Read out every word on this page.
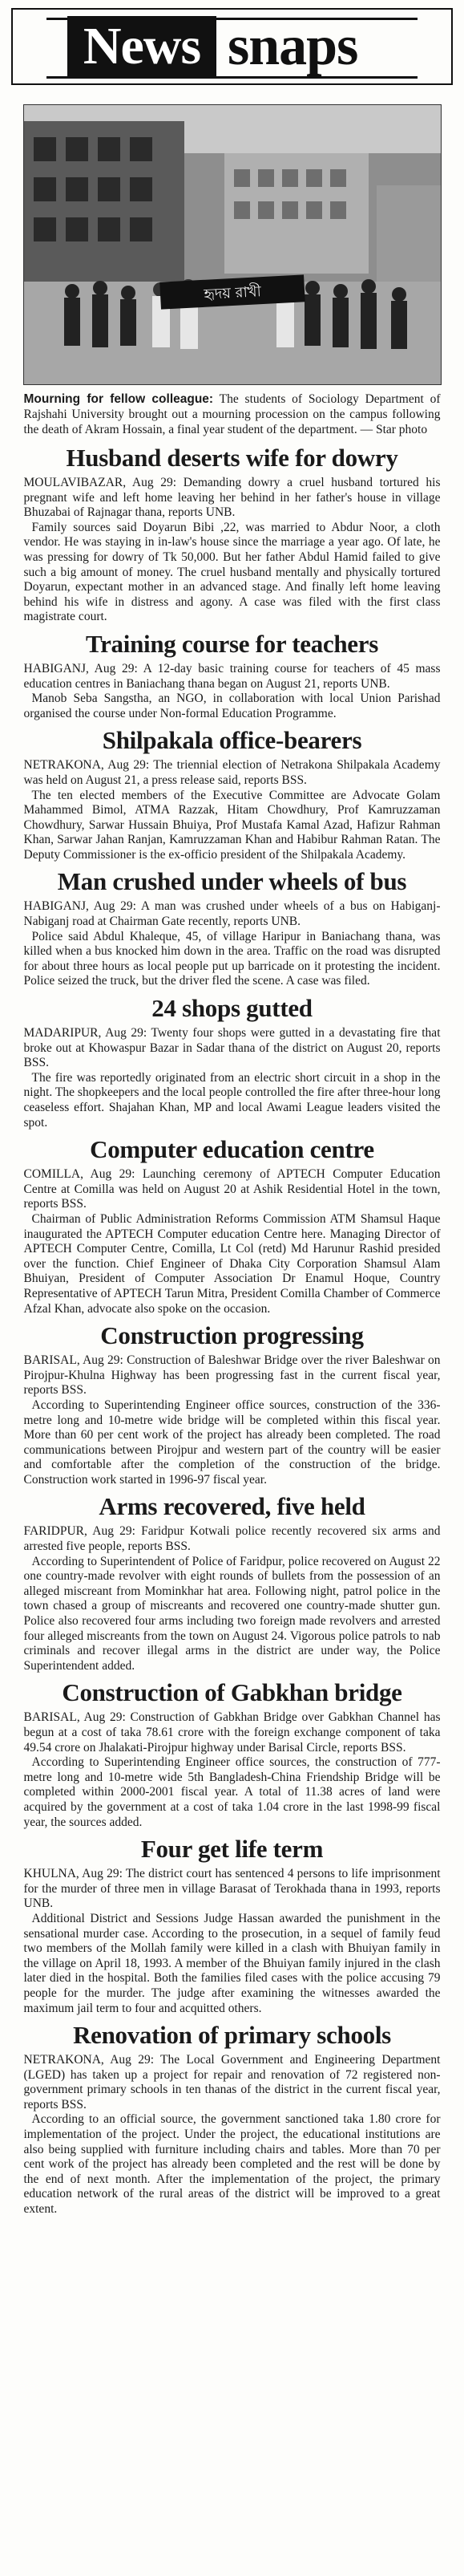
News snaps
হৃদয় রাখী
Mourning for fellow colleague: The students of Sociology Department of Rajshahi University brought out a mourning procession on the campus following the death of Akram Hossain, a final year student of the department. — Star photo
Husband deserts wife for dowry

MOULAVIBAZAR, Aug 29: Demanding dowry a cruel husband tortured his pregnant wife and left home leaving her behind in her father's house in village Bhuzabai of Rajnagar thana, reports UNB.

Family sources said Doyarun Bibi ,22, was married to Abdur Noor, a cloth vendor. He was staying in in-law's house since the marriage a year ago. Of late, he was pressing for dowry of Tk 50,000. But her father Abdul Hamid failed to give such a big amount of money. The cruel husband mentally and physically tortured Doyarun, expectant mother in an advanced stage. And finally left home leaving behind his wife in distress and agony. A case was filed with the first class magistrate court.

Training course for teachers

HABIGANJ, Aug 29: A 12-day basic training course for teachers of 45 mass education centres in Baniachang thana began on August 21, reports UNB.

Manob Seba Sangstha, an NGO, in collaboration with local Union Parishad organised the course under Non-formal Education Programme.

Shilpakala office-bearers

NETRAKONA, Aug 29: The triennial election of Netrakona Shilpakala Academy was held on August 21, a press release said, reports BSS.

The ten elected members of the Executive Committee are Advocate Golam Mahammed Bimol, ATMA Razzak, Hitam Chowdhury, Prof Kamruzzaman Chowdhury, Sarwar Hussain Bhuiya, Prof Mustafa Kamal Azad, Hafizur Rahman Khan, Sarwar Jahan Ranjan, Kamruzzaman Khan and Habibur Rahman Ratan. The Deputy Commissioner is the ex-officio president of the Shilpakala Academy.

Man crushed under wheels of bus

HABIGANJ, Aug 29: A man was crushed under wheels of a bus on Habiganj-Nabiganj road at Chairman Gate recently, reports UNB.

Police said Abdul Khaleque, 45, of village Haripur in Baniachang thana, was killed when a bus knocked him down in the area. Traffic on the road was disrupted for about three hours as local people put up barricade on it protesting the incident. Police seized the truck, but the driver fled the scene. A case was filed.

24 shops gutted

MADARIPUR, Aug 29: Twenty four shops were gutted in a devastating fire that broke out at Khowaspur Bazar in Sadar thana of the district on August 20, reports BSS.

The fire was reportedly originated from an electric short circuit in a shop in the night. The shopkeepers and the local people controlled the fire after three-hour long ceaseless effort. Shajahan Khan, MP and local Awami League leaders visited the spot.

Computer education centre

COMILLA, Aug 29: Launching ceremony of APTECH Computer Education Centre at Comilla was held on August 20 at Ashik Residential Hotel in the town, reports BSS.

Chairman of Public Administration Reforms Commission ATM Shamsul Haque inaugurated the APTECH Computer education Centre here. Managing Director of APTECH Computer Centre, Comilla, Lt Col (retd) Md Harunur Rashid presided over the function. Chief Engineer of Dhaka City Corporation Shamsul Alam Bhuiyan, President of Computer Association Dr Enamul Hoque, Country Representative of APTECH Tarun Mitra, President Comilla Chamber of Commerce Afzal Khan, advocate also spoke on the occasion.

Construction progressing

BARISAL, Aug 29: Construction of Baleshwar Bridge over the river Baleshwar on Pirojpur-Khulna Highway has been progressing fast in the current fiscal year, reports BSS.

According to Superintending Engineer office sources, construction of the 336-metre long and 10-metre wide bridge will be completed within this fiscal year. More than 60 per cent work of the project has already been completed. The road communications between Pirojpur and western part of the country will be easier and comfortable after the completion of the construction of the bridge. Construction work started in 1996-97 fiscal year.

Arms recovered, five held

FARIDPUR, Aug 29: Faridpur Kotwali police recently recovered six arms and arrested five people, reports BSS.

According to Superintendent of Police of Faridpur, police recovered on August 22 one country-made revolver with eight rounds of bullets from the possession of an alleged miscreant from Mominkhar hat area. Following night, patrol police in the town chased a group of miscreants and recovered one country-made shutter gun. Police also recovered four arms including two foreign made revolvers and arrested four alleged miscreants from the town on August 24. Vigorous police patrols to nab criminals and recover illegal arms in the district are under way, the Police Superintendent added.

Construction of Gabkhan bridge

BARISAL, Aug 29: Construction of Gabkhan Bridge over Gabkhan Channel has begun at a cost of taka 78.61 crore with the foreign exchange component of taka 49.54 crore on Jhalakati-Pirojpur highway under Barisal Circle, reports BSS.

According to Superintending Engineer office sources, the construction of 777-metre long and 10-metre wide 5th Bangladesh-China Friendship Bridge will be completed within 2000-2001 fiscal year. A total of 11.38 acres of land were acquired by the government at a cost of taka 1.04 crore in the last 1998-99 fiscal year, the sources added.

Four get life term

KHULNA, Aug 29: The district court has sentenced 4 persons to life imprisonment for the murder of three men in village Barasat of Terokhada thana in 1993, reports UNB.

Additional District and Sessions Judge Hassan awarded the punishment in the sensational murder case. According to the prosecution, in a sequel of family feud two members of the Mollah family were killed in a clash with Bhuiyan family in the village on April 18, 1993. A member of the Bhuiyan family injured in the clash later died in the hospital. Both the families filed cases with the police accusing 79 people for the murder. The judge after examining the witnesses awarded the maximum jail term to four and acquitted others.

Renovation of primary schools

NETRAKONA, Aug 29: The Local Government and Engineering Department (LGED) has taken up a project for repair and renovation of 72 registered non-government primary schools in ten thanas of the district in the current fiscal year, reports BSS.

According to an official source, the government sanctioned taka 1.80 crore for implementation of the project. Under the project, the educational institutions are also being supplied with furniture including chairs and tables. More than 70 per cent work of the project has already been completed and the rest will be done by the end of next month. After the implementation of the project, the primary education network of the rural areas of the district will be improved to a great extent.
